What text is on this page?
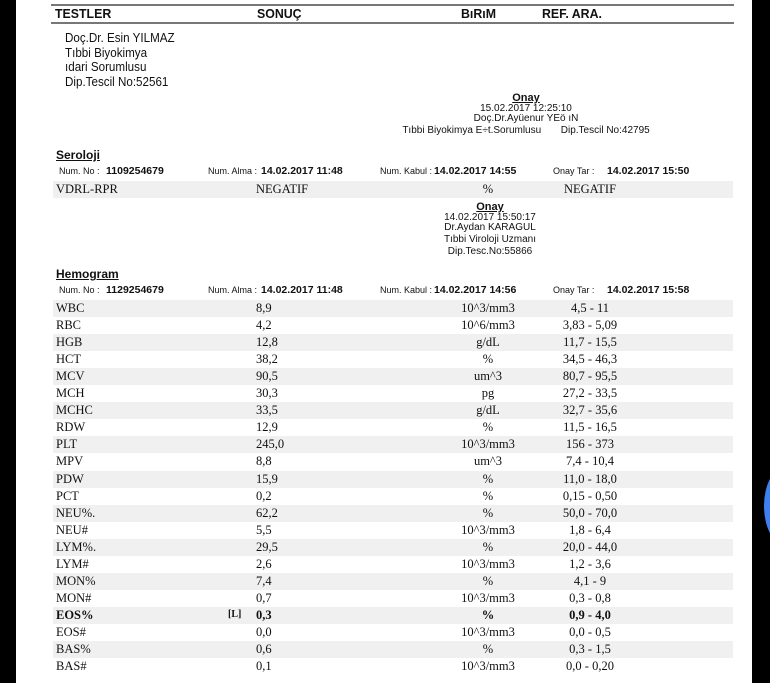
TESTLER	SONUÇ	BıRıM	REF. ARA.
Doç.Dr. Esin YILMAZ
Tıbbi Biyokimya
ıdari Sorumlusu
Dip.Tescil No:52561
Onay
15.02.2017 12:25:10
Doç.Dr.Ayüenur YEö ıN
Tıbbi Biyokimya E÷t.Sorumlusu Dip.Tescil No:42795
Seroloji
Num. No : 1109254679	Num. Alma : 14.02.2017 11:48	Num. Kabul : 14.02.2017 14:55	Onay Tar : 14.02.2017 15:50
VDRL-RPR	NEGATIF	%	NEGATIF
Onay
14.02.2017 15:50:17
Dr.Aydan KARAGUL
Tıbbi Viroloji Uzmanı
Dip.Tesc.No:55866
Hemogram
Num. No : 1129254679	Num. Alma : 14.02.2017 11:48	Num. Kabul : 14.02.2017 14:56	Onay Tar : 14.02.2017 15:58
WBC	8,9	10^3/mm3	4,5 - 11
RBC	4,2	10^6/mm3	3,83 - 5,09
HGB	12,8	g/dL	11,7 - 15,5
HCT	38,2	%	34,5 - 46,3
MCV	90,5	um^3	80,7 - 95,5
MCH	30,3	pg	27,2 - 33,5
MCHC	33,5	g/dL	32,7 - 35,6
RDW	12,9	%	11,5 - 16,5
PLT	245,0	10^3/mm3	156 - 373
MPV	8,8	um^3	7,4 - 10,4
PDW	15,9	%	11,0 - 18,0
PCT	0,2	%	0,15 - 0,50
NEU%.	62,2	%	50,0 - 70,0
NEU#	5,5	10^3/mm3	1,8 - 6,4
LYM%.	29,5	%	20,0 - 44,0
LYM#	2,6	10^3/mm3	1,2 - 3,6
MON%	7,4	%	4,1 - 9
MON#	0,7	10^3/mm3	0,3 - 0,8
EOS%	[L] 0,3	%	0,9 - 4,0
EOS#	0,0	10^3/mm3	0,0 - 0,5
BAS%	0,6	%	0,3 - 1,5
BAS#	0,1	10^3/mm3	0,0 - 0,20
